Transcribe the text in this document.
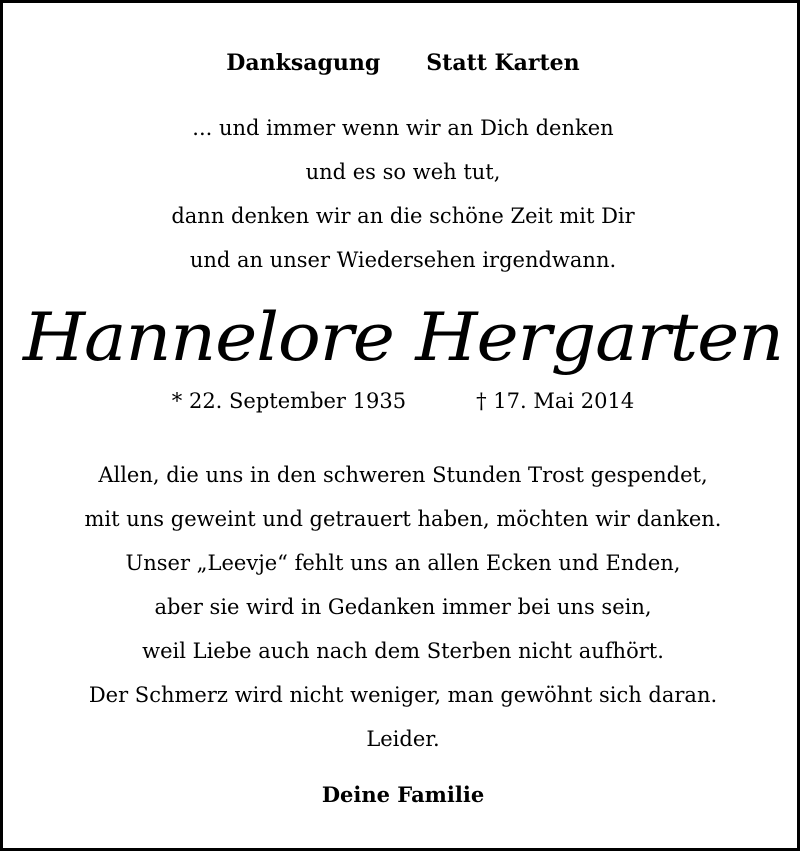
Danksagung Statt Karten
... und immer wenn wir an Dich denken
und es so weh tut,
dann denken wir an die schöne Zeit mit Dir
und an unser Wiedersehen irgendwann.
Hannelore Hergarten
* 22. September 1935	† 17. Mai 2014
Allen, die uns in den schweren Stunden Trost gespendet,
mit uns geweint und getrauert haben, möchten wir danken.
Unser „Leevje“ fehlt uns an allen Ecken und Enden,
aber sie wird in Gedanken immer bei uns sein,
weil Liebe auch nach dem Sterben nicht aufhört.
Der Schmerz wird nicht weniger, man gewöhnt sich daran.
Leider.
Deine Familie
